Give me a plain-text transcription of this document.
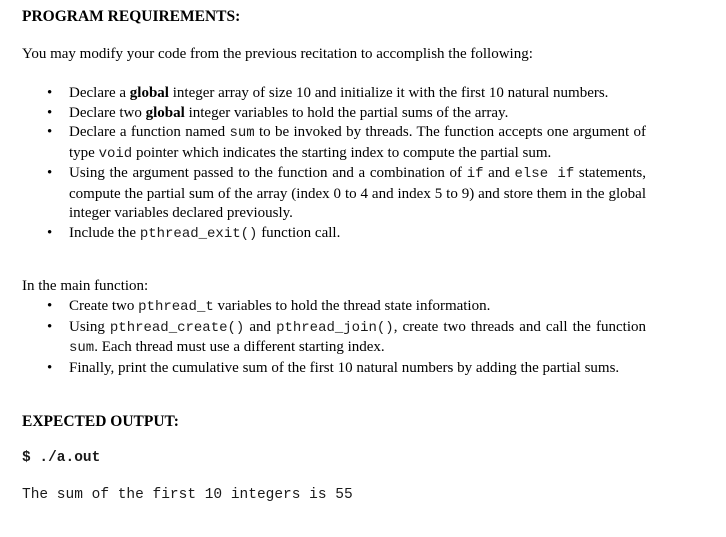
PROGRAM REQUIREMENTS:
You may modify your code from the previous recitation to accomplish the following:
• Declare a global integer array of size 10 and initialize it with the first 10 natural numbers.
• Declare two global integer variables to hold the partial sums of the array.
• Declare a function named sum to be invoked by threads. The function accepts one argument of type void pointer which indicates the starting index to compute the partial sum.
• Using the argument passed to the function and a combination of if and else if statements, compute the partial sum of the array (index 0 to 4 and index 5 to 9) and store them in the global integer variables declared previously.
• Include the pthread_exit() function call.
In the main function:
• Create two pthread_t variables to hold the thread state information.
• Using pthread_create() and pthread_join(), create two threads and call the function sum. Each thread must use a different starting index.
• Finally, print the cumulative sum of the first 10 natural numbers by adding the partial sums.
EXPECTED OUTPUT:
$ ./a.out
The sum of the first 10 integers is 55
